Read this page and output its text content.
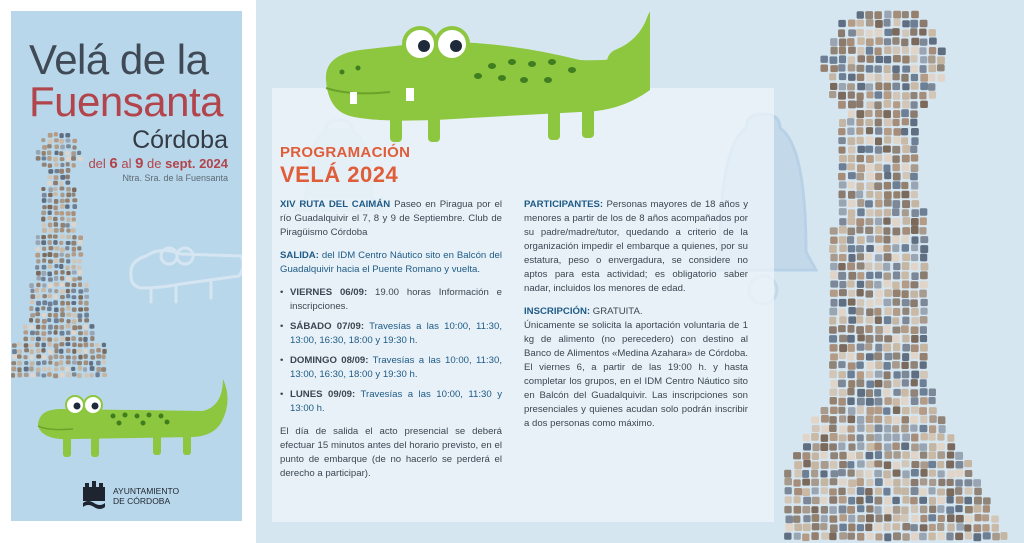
Velá de la
Fuensanta
Córdoba
del 6 al 9 de sept. 2024
Ntra. Sra. de la Fuensanta
AYUNTAMIENTO
DE CÓRDOBA
PROGRAMACIÓN
VELÁ 2024

XIV RUTA DEL CAIMÁN Paseo en Piragua por el río Guadalquivir el 7, 8 y 9 de Septiembre. Club de Piragüismo Córdoba

SALIDA: del IDM Centro Náutico sito en Balcón del Guadalquivir hacia el Puente Romano y vuelta.

• VIERNES 06/09: 19.00 horas Información e inscripciones.
• SÁBADO 07/09: Travesías a las 10:00, 11:30, 13:00, 16:30, 18:00 y 19:30 h.
• DOMINGO 08/09: Travesías a las 10:00, 11:30, 13:00, 16:30, 18:00 y 19:30 h.
• LUNES 09/09: Travesías a las 10:00, 11:30 y 13:00 h.

El día de salida el acto presencial se deberá efectuar 15 minutos antes del horario previsto, en el punto de embarque (de no hacerlo se perderá el derecho a participar).

PARTICIPANTES: Personas mayores de 18 años y menores a partir de los de 8 años acompañados por su padre/madre/tutor, quedando a criterio de la organización impedir el embarque a quienes, por su estatura, peso o envergadura, se considere no aptos para esta actividad; es obligatorio saber nadar, incluidos los menores de edad.

INSCRIPCIÓN: GRATUITA.
Únicamente se solicita la aportación voluntaria de 1 kg de alimento (no perecedero) con destino al Banco de Alimentos «Medina Azahara» de Córdoba. El viernes 6, a partir de las 19:00 h. y hasta completar los grupos, en el IDM Centro Náutico sito en Balcón del Guadalquivir. Las inscripciones son presenciales y quienes acudan solo podrán inscribir a dos personas como máximo.
